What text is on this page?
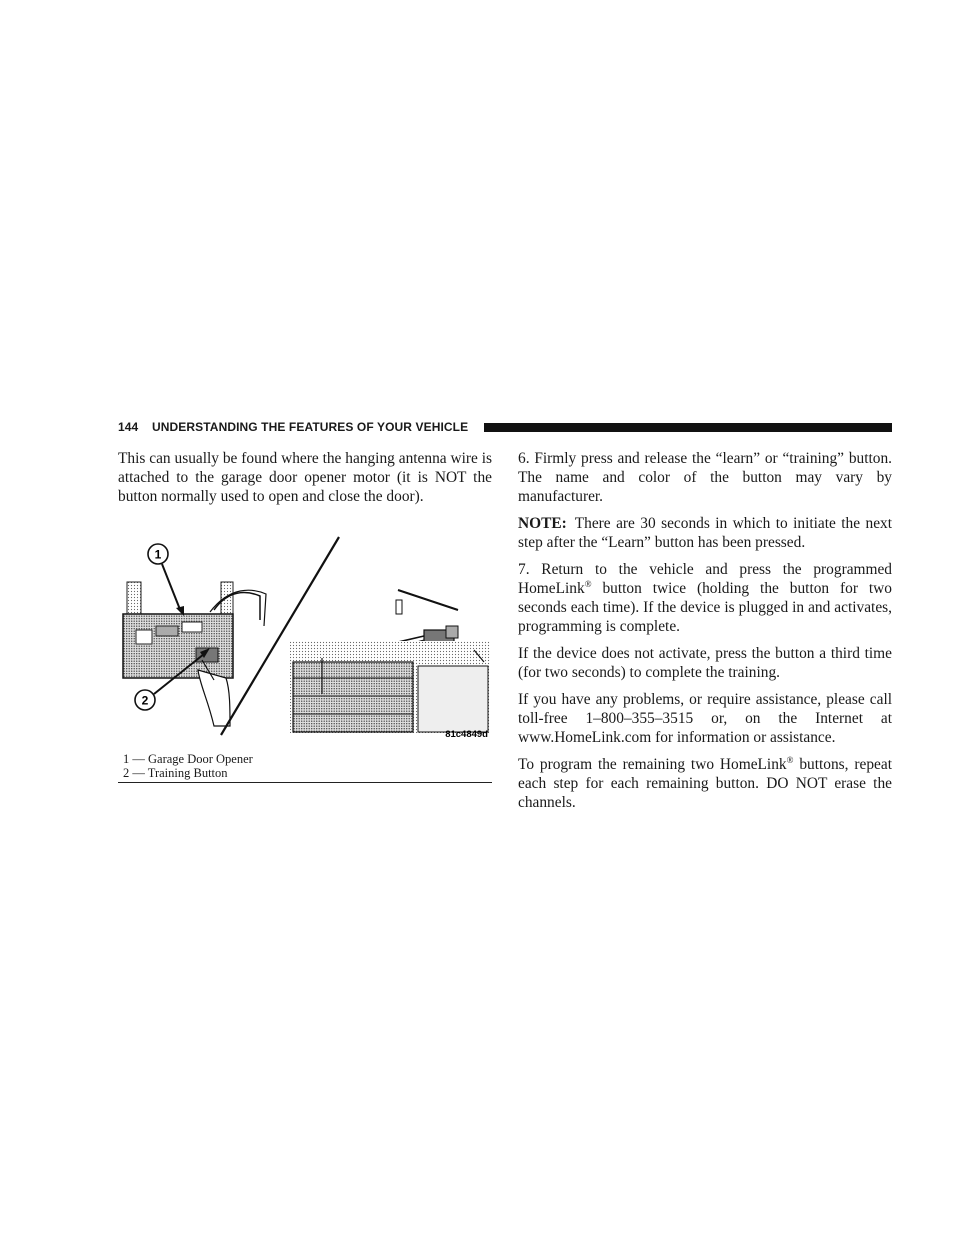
144 UNDERSTANDING THE FEATURES OF YOUR VEHICLE

This can usually be found where the hanging antenna wire is attached to the garage door opener motor (it is NOT the button normally used to open and close the door).

1
2
81c4849d
1 — Garage Door Opener
2 — Training Button

6. Firmly press and release the “learn” or “training” button. The name and color of the button may vary by manufacturer.

NOTE: There are 30 seconds in which to initiate the next step after the “Learn” button has been pressed.

7. Return to the vehicle and press the programmed HomeLink® button twice (holding the button for two seconds each time). If the device is plugged in and activates, programming is complete.

If the device does not activate, press the button a third time (for two seconds) to complete the training.

If you have any problems, or require assistance, please call toll-free 1–800–355–3515 or, on the Internet at www.HomeLink.com for information or assistance.

To program the remaining two HomeLink® buttons, repeat each step for each remaining button. DO NOT erase the channels.
